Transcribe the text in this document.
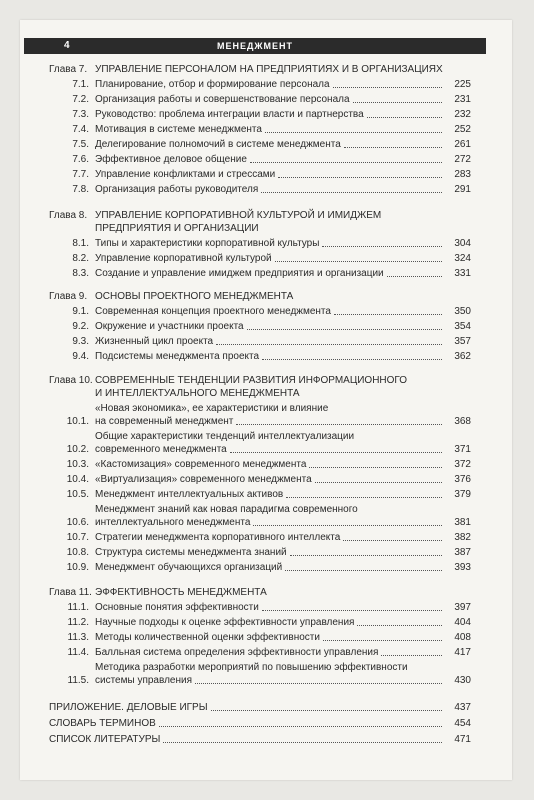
4	МЕНЕДЖМЕНТ
Глава 7. УПРАВЛЕНИЕ ПЕРСОНАЛОМ НА ПРЕДПРИЯТИЯХ И В ОРГАНИЗАЦИЯХ
7.1. Планирование, отбор и формирование персонала	225
7.2. Организация работы и совершенствование персонала	231
7.3. Руководство: проблема интеграции власти и партнерства	232
7.4. Мотивация в системе менеджмента	252
7.5. Делегирование полномочий в системе менеджмента	261
7.6. Эффективное деловое общение	272
7.7. Управление конфликтами и стрессами	283
7.8. Организация работы руководителя	291
Глава 8. УПРАВЛЕНИЕ КОРПОРАТИВНОЙ КУЛЬТУРОЙ И ИМИДЖЕМ
ПРЕДПРИЯТИЯ И ОРГАНИЗАЦИИ
8.1. Типы и характеристики корпоративной культуры	304
8.2. Управление корпоративной культурой	324
8.3. Создание и управление имиджем предприятия и организации	331
Глава 9. ОСНОВЫ ПРОЕКТНОГО МЕНЕДЖМЕНТА
9.1. Современная концепция проектного менеджмента	350
9.2. Окружение и участники проекта	354
9.3. Жизненный цикл проекта	357
9.4. Подсистемы менеджмента проекта	362
Глава 10. СОВРЕМЕННЫЕ ТЕНДЕНЦИИ РАЗВИТИЯ ИНФОРМАЦИОННОГО
И ИНТЕЛЛЕКТУАЛЬНОГО МЕНЕДЖМЕНТА
10.1.
«Новая экономика», ее характеристики и влияние
на современный менеджмент	368
10.2.
Общие характеристики тенденций интеллектуализации
современного менеджмента	371
10.3. «Кастомизация» современного менеджмента	372
10.4. «Виртуализация» современного менеджмента	376
10.5. Менеджмент интеллектуальных активов	379
10.6.
Менеджмент знаний как новая парадигма современного
интеллектуального менеджмента	381
10.7. Стратегии менеджмента корпоративного интеллекта	382
10.8. Структура системы менеджмента знаний	387
10.9. Менеджмент обучающихся организаций	393
Глава 11. ЭФФЕКТИВНОСТЬ МЕНЕДЖМЕНТА
11.1. Основные понятия эффективности	397
11.2. Научные подходы к оценке эффективности управления	404
11.3. Методы количественной оценки эффективности	408
11.4. Балльная система определения эффективности управления	417
11.5.
Методика разработки мероприятий по повышению эффективности
системы управления	430
ПРИЛОЖЕНИЕ. ДЕЛОВЫЕ ИГРЫ	437
СЛОВАРЬ ТЕРМИНОВ	454
СПИСОК ЛИТЕРАТУРЫ	471
